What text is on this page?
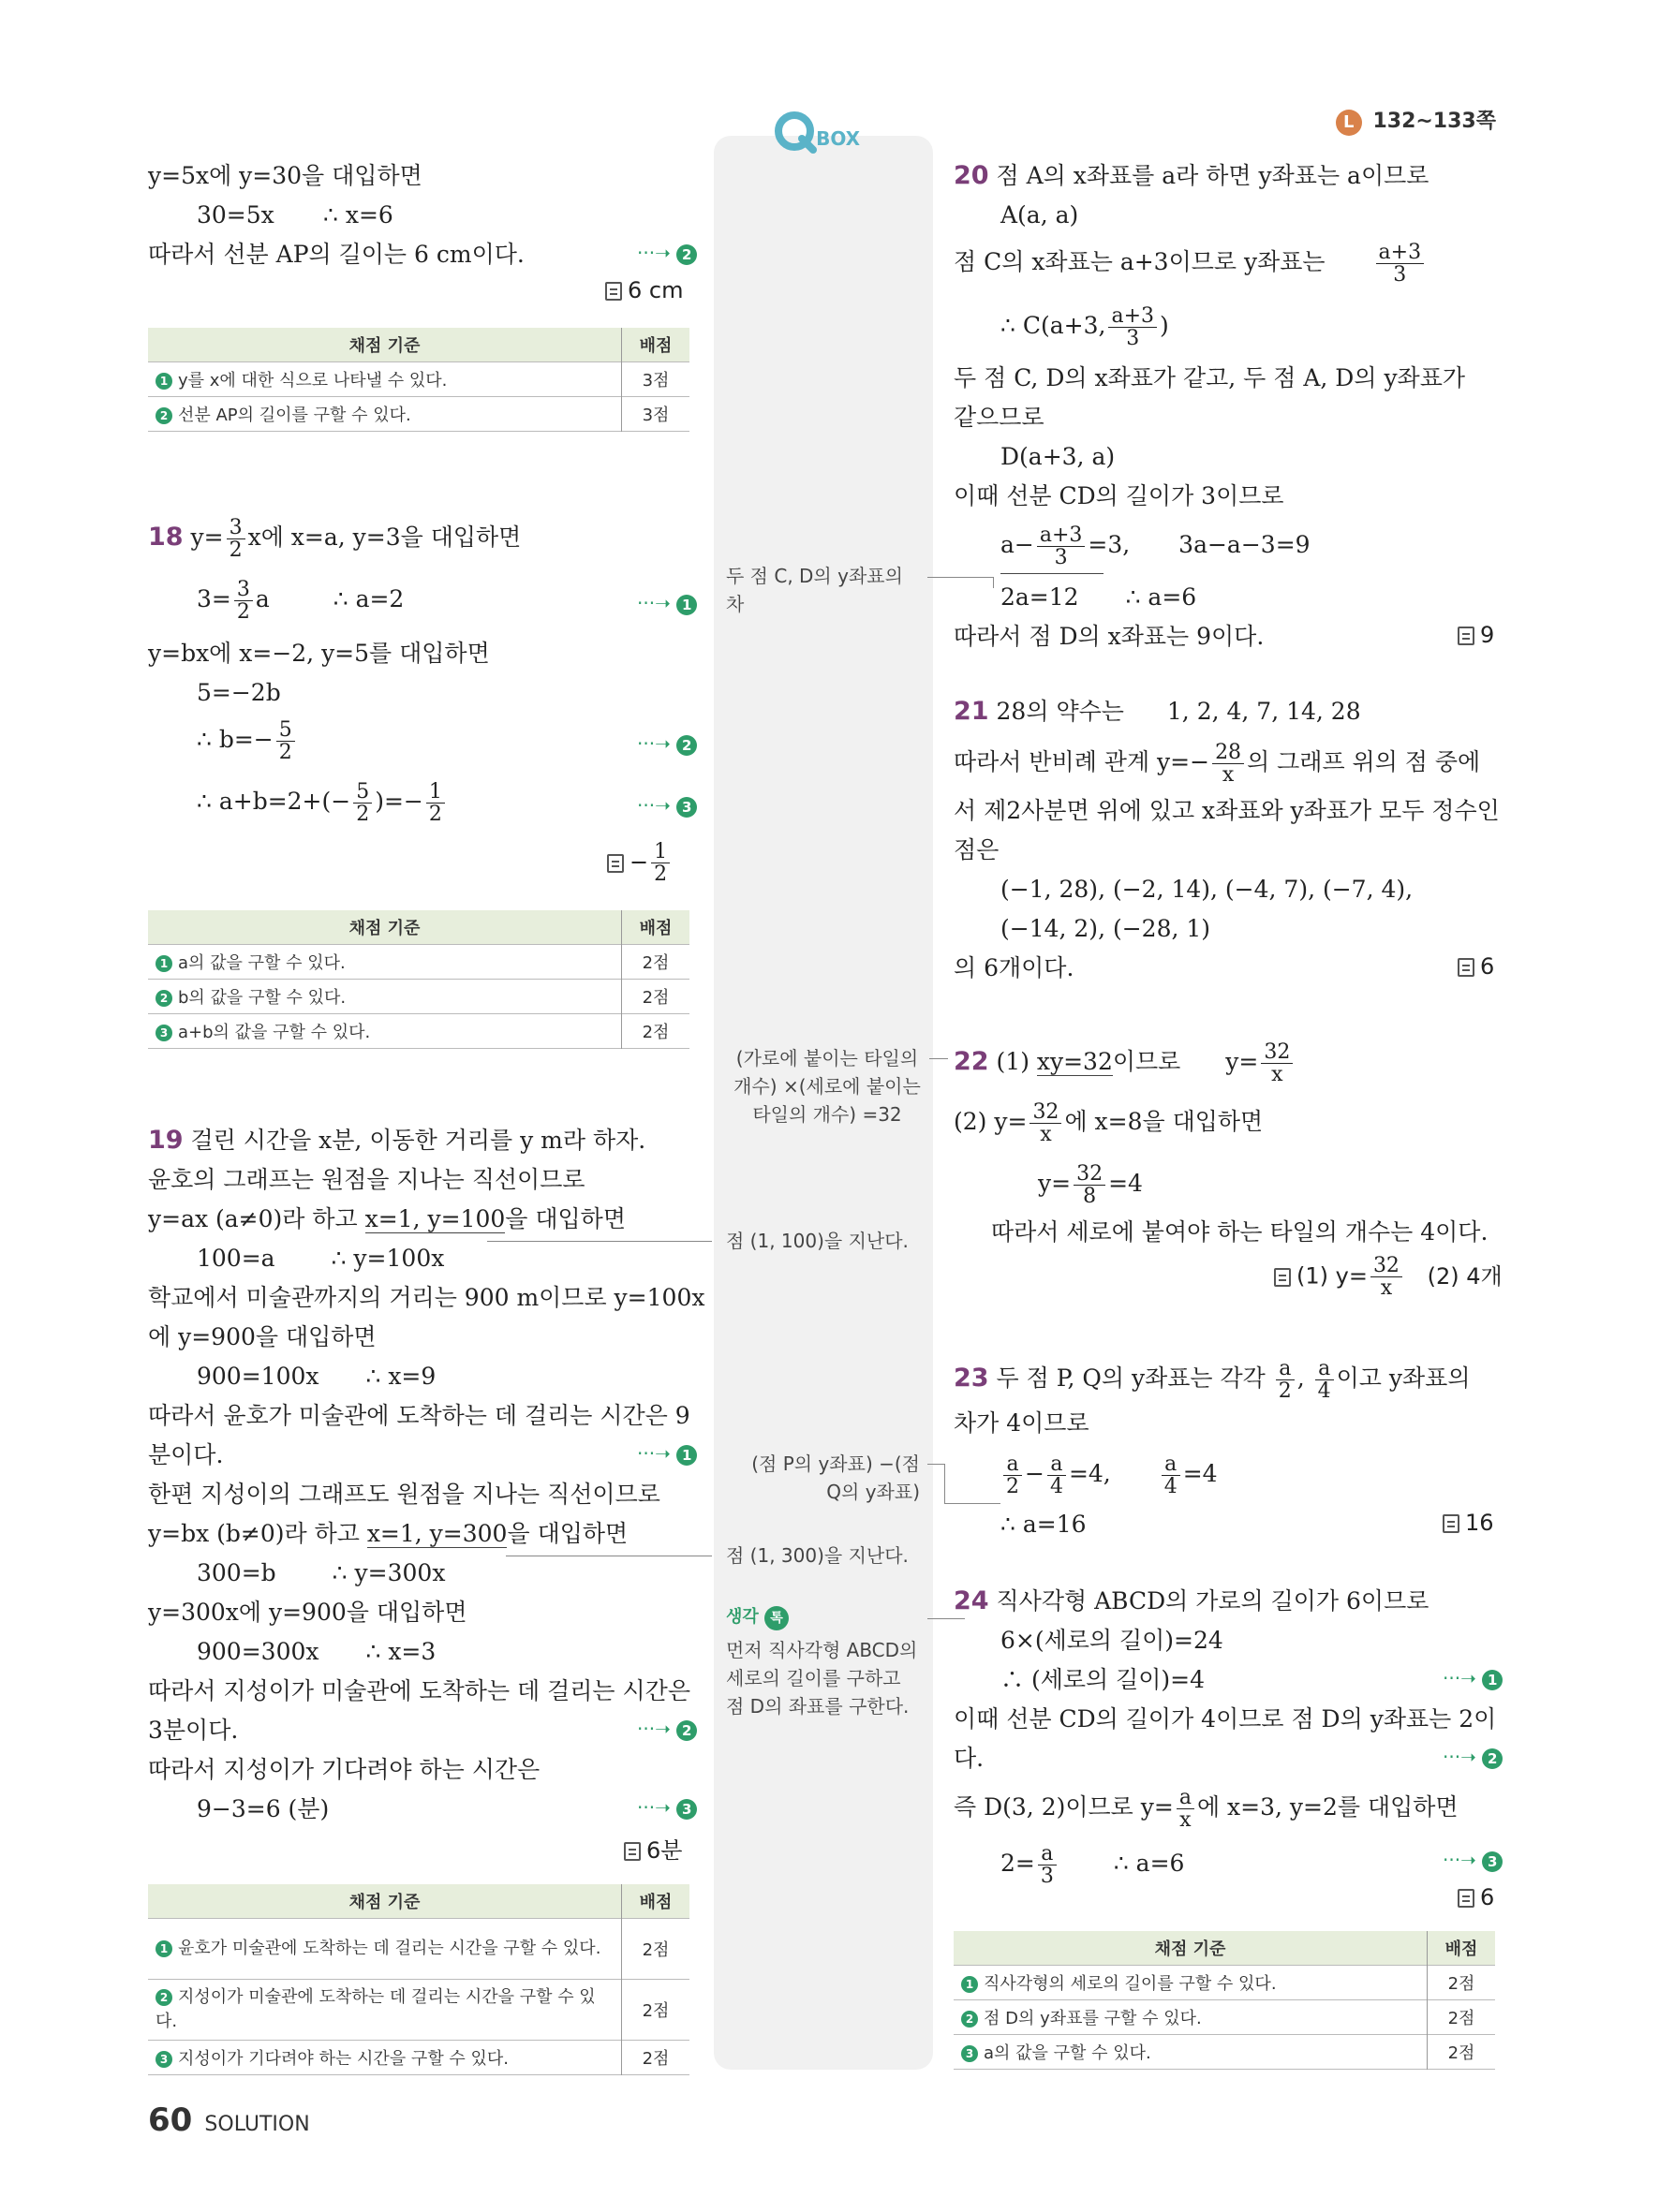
BOX
L 132~133쪽
y=5x에 y=30을 대입하면
30=5x ∴ x=6
따라서 선분 AP의 길이는 6 cm이다.	···➝ 2
6 cm
채점 기준	배점
1 y를 x에 대한 식으로 나타낼 수 있다.	3점
2 선분 AP의 길이를 구할 수 있다.	3점
18 $y= \frac{3}{2}$ x에 x=a, y=3을 대입하면
$3= \frac{3}{2}$ a	∴ a=2	···➝ 1
y=bx에 x=−2, y=5를 대입하면
5=−2b
∴ $b=- \frac{5}{2}$	···➝ 2
∴ $a+b=2+(- \frac{5}{2}$ )=− $\frac{1}{2}$	···➝ 3
− $\frac{1}{2}$
채점 기준	배점
1 a의 값을 구할 수 있다.	2점
2 b의 값을 구할 수 있다.	2점
3 a+b의 값을 구할 수 있다.	2점
19 걸린 시간을 x분, 이동한 거리를 y m라 하자.
윤호의 그래프는 원점을 지나는 직선이므로
y=ax (a≠0)라 하고 x=1, y=100을 대입하면
100=a ∴ y=100x
학교에서 미술관까지의 거리는 900 m이므로 y=100x
에 y=900을 대입하면
900=100x ∴ x=9
따라서 윤호가 미술관에 도착하는 데 걸리는 시간은 9
분이다.	···➝ 1
한편 지성이의 그래프도 원점을 지나는 직선이므로
y=bx (b≠0)라 하고 x=1, y=300을 대입하면
300=b ∴ y=300x
y=300x에 y=900을 대입하면
900=300x ∴ x=3
따라서 지성이가 미술관에 도착하는 데 걸리는 시간은
3분이다.	···➝ 2
따라서 지성이가 기다려야 하는 시간은
9−3=6 (분)	···➝ 3
6분
채점 기준	배점
1 윤호가 미술관에 도착하는 데 걸리는 시간을 구할 수 있다.	2점
2 지성이가 미술관에 도착하는 데 걸리는 시간을 구할 수 있다.	2점
3 지성이가 기다려야 하는 시간을 구할 수 있다.	2점
두 점 C, D의 y좌표의 차
(가로에 붙이는 타일의 개수) ×(세로에 붙이는 타일의 개수) =32
점 (1, 100)을 지난다.
(점 P의 y좌표) −(점 Q의 y좌표)
점 (1, 300)을 지난다.
생각 톡
먼저 직사각형 ABCD의 세로의 길이를 구하고 점 D의 좌표를 구한다.
20 점 A의 x좌표를 a라 하면 y좌표는 a이므로
A(a, a)
점 C의 x좌표는 a+3이므로 y좌표는 $\frac{a+3}{3}$
∴ C(a+3, $\frac{a+3}{3}$ )
두 점 C, D의 x좌표가 같고, 두 점 A, D의 y좌표가
같으므로
D(a+3, a)
이때 선분 CD의 길이가 3이므로
$a- \frac{a+3}{3} =3$, 3a−a−3=9
2a=12 ∴ a=6
따라서 점 D의 x좌표는 9이다.	9
21 28의 약수는 1, 2, 4, 7, 14, 28
따라서 반비례 관계 $y=- \frac{28}{x}$ 의 그래프 위의 점 중에
서 제2사분면 위에 있고 x좌표와 y좌표가 모두 정수인
점은
(−1, 28), (−2, 14), (−4, 7), (−7, 4),
(−14, 2), (−28, 1)
의 6개이다.	6
22 (1) xy=32이므로 $y= \frac{32}{x}$
(2) $y= \frac{32}{x}$ 에 x=8을 대입하면
$y= \frac{32}{8} =4$
따라서 세로에 붙여야 하는 타일의 개수는 4이다.
(1) $y= \frac{32}{x} (2)$ 4개
23 두 점 P, Q의 y좌표는 각각 $\frac{a}{2}$ , $\frac{a}{4}$ 이고 y좌표의
차가 4이므로
$\frac{a}{2} - \frac{a}{4} =4$, $\frac{a}{4} =4$
∴ a=16	16
24 직사각형 ABCD의 가로의 길이가 6이므로
6×(세로의 길이)=24
∴ (세로의 길이)=4	···➝ 1
이때 선분 CD의 길이가 4이므로 점 D의 y좌표는 2이
다.	···➝ 2
즉 D(3, 2)이므로 $y= \frac{a}{x}$ 에 x=3, y=2를 대입하면
$2= \frac{a}{3}$ ∴ a=6	···➝ 3
6
채점 기준	배점
1 직사각형의 세로의 길이를 구할 수 있다.	2점
2 점 D의 y좌표를 구할 수 있다.	2점
3 a의 값을 구할 수 있다.	2점
60 SOLUTION
